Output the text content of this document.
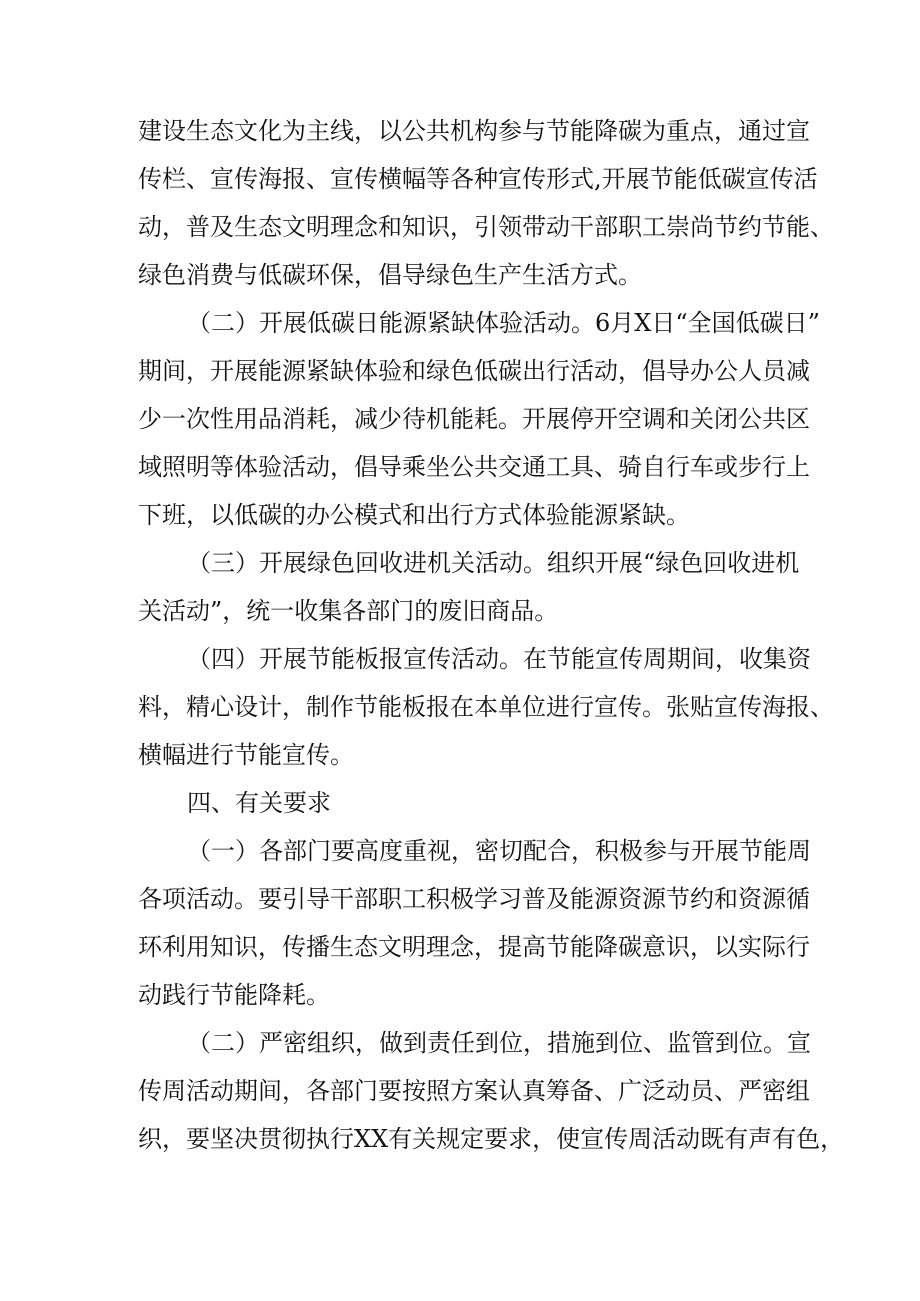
建设生态文化为主线，以公共机构参与节能降碳为重点，通过宣
传栏、宣传海报、宣传横幅等各种宣传形式,开展节能低碳宣传活
动，普及生态文明理念和知识，引领带动干部职工崇尚节约节能、
绿色消费与低碳环保，倡导绿色生产生活方式。
（二）开展低碳日能源紧缺体验活动。6月X日“全国低碳日”
期间，开展能源紧缺体验和绿色低碳出行活动，倡导办公人员减
少一次性用品消耗，减少待机能耗。开展停开空调和关闭公共区
域照明等体验活动，倡导乘坐公共交通工具、骑自行车或步行上
下班，以低碳的办公模式和出行方式体验能源紧缺。
（三）开展绿色回收进机关活动。组织开展“绿色回收进机
关活动”，统一收集各部门的废旧商品。
（四）开展节能板报宣传活动。在节能宣传周期间，收集资
料，精心设计，制作节能板报在本单位进行宣传。张贴宣传海报、
横幅进行节能宣传。
四、有关要求
（一）各部门要高度重视，密切配合，积极参与开展节能周
各项活动。要引导干部职工积极学习普及能源资源节约和资源循
环利用知识，传播生态文明理念，提高节能降碳意识，以实际行
动践行节能降耗。
（二）严密组织，做到责任到位，措施到位、监管到位。宣
传周活动期间，各部门要按照方案认真筹备、广泛动员、严密组
织，要坚决贯彻执行XX有关规定要求，使宣传周活动既有声有色，
